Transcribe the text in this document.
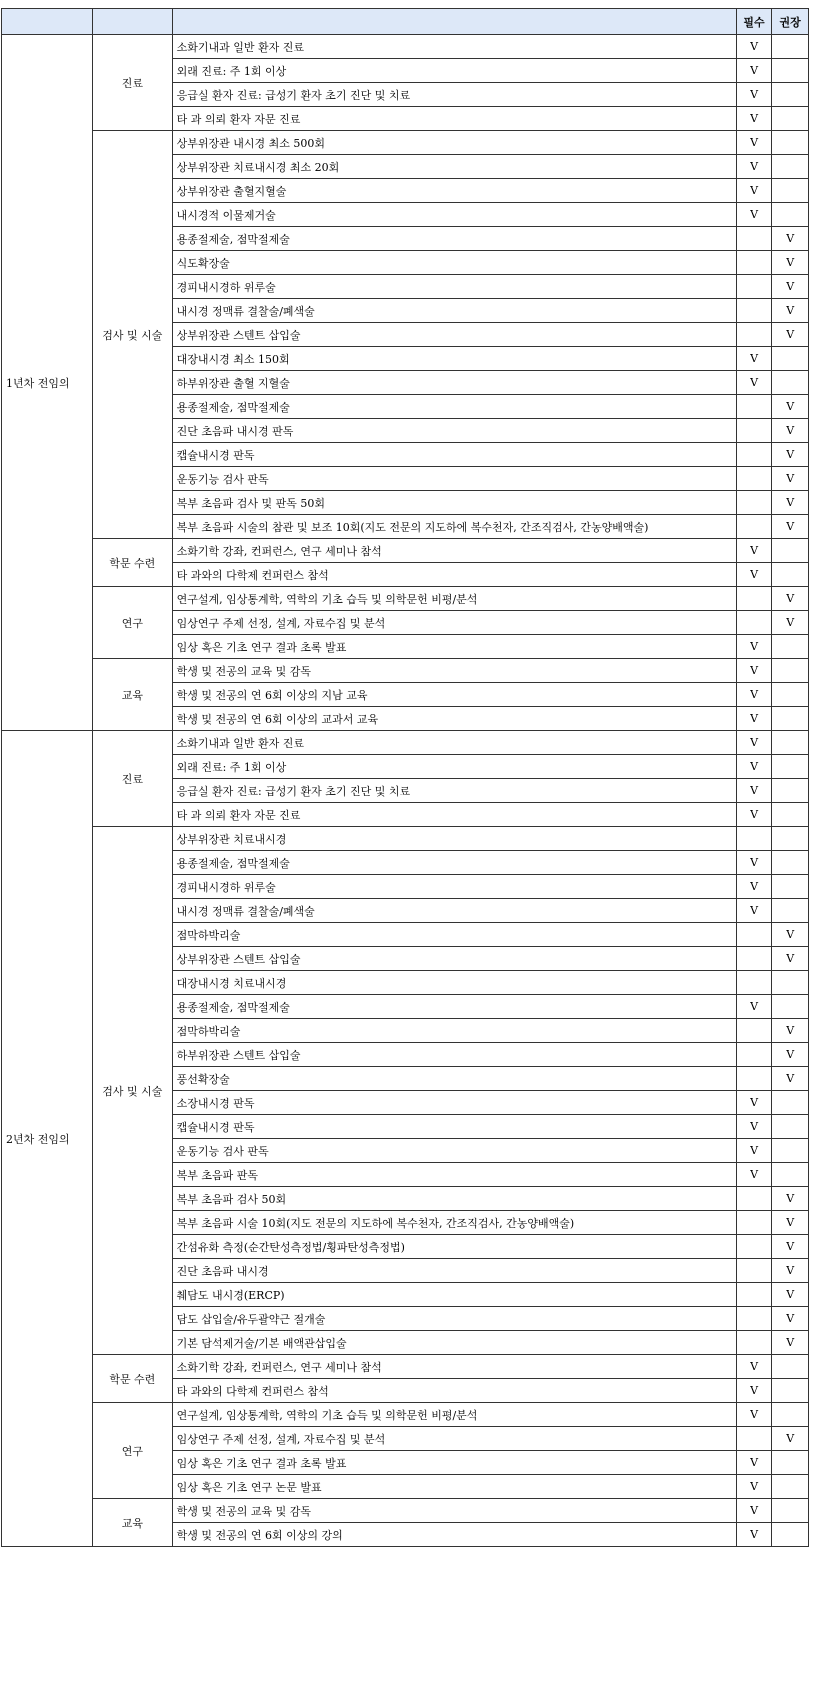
			필수	권장
1년차 전임의	진료	소화기내과 일반 환자 진료	V	
		외래 진료: 주 1회 이상	V	
		응급실 환자 진료: 급성기 환자 초기 진단 및 치료	V	
		타 과 의뢰 환자 자문 진료	V	
	검사 및 시술	상부위장관 내시경 최소 500회	V	
		상부위장관 치료내시경 최소 20회	V	
		상부위장관 출혈지혈술	V	
		내시경적 이물제거술	V	
		용종절제술, 점막절제술		V
		식도확장술		V
		경피내시경하 위루술		V
		내시경 정맥류 결찰술/폐색술		V
		상부위장관 스텐트 삽입술		V
		대장내시경 최소 150회	V	
		하부위장관 출혈 지혈술	V	
		용종절제술, 점막절제술		V
		진단 초음파 내시경 판독		V
		캡슐내시경 판독		V
		운동기능 검사 판독		V
		복부 초음파 검사 및 판독 50회		V
		복부 초음파 시술의 참관 및 보조 10회(지도 전문의 지도하에 복수천자, 간조직검사, 간농양배액술)		V
	학문 수련	소화기학 강좌, 컨퍼런스, 연구 세미나 참석	V	
		타 과와의 다학제 컨퍼런스 참석	V	
	연구	연구설계, 임상통계학, 역학의 기초 습득 및 의학문헌 비평/분석		V
		임상연구 주제 선정, 설계, 자료수집 및 분석		V
		임상 혹은 기초 연구 결과 초록 발표	V	
	교육	학생 및 전공의 교육 및 감독	V	
		학생 및 전공의 연 6회 이상의 지남 교육	V	
		학생 및 전공의 연 6회 이상의 교과서 교육	V	
2년차 전임의	진료	소화기내과 일반 환자 진료	V	
		외래 진료: 주 1회 이상	V	
		응급실 환자 진료: 급성기 환자 초기 진단 및 치료	V	
		타 과 의뢰 환자 자문 진료	V	
	검사 및 시술	상부위장관 치료내시경		
		용종절제술, 점막절제술	V	
		경피내시경하 위루술	V	
		내시경 정맥류 결찰술/폐색술	V	
		점막하박리술		V
		상부위장관 스텐트 삽입술		V
		대장내시경 치료내시경		
		용종절제술, 점막절제술	V	
		점막하박리술		V
		하부위장관 스텐트 삽입술		V
		풍선확장술		V
		소장내시경 판독	V	
		캡슐내시경 판독	V	
		운동기능 검사 판독	V	
		복부 초음파 판독	V	
		복부 초음파 검사 50회		V
		복부 초음파 시술 10회(지도 전문의 지도하에 복수천자, 간조직검사, 간농양배액술)		V
		간섬유화 측정(순간탄성측정법/횡파탄성측정법)		V
		진단 초음파 내시경		V
		췌담도 내시경(ERCP)		V
		담도 삽입술/유두괄약근 절개술		V
		기본 담석제거술/기본 배액관삽입술		V
	학문 수련	소화기학 강좌, 컨퍼런스, 연구 세미나 참석	V	
		타 과와의 다학제 컨퍼런스 참석	V	
	연구	연구설계, 임상통계학, 역학의 기초 습득 및 의학문헌 비평/분석	V	
		임상연구 주제 선정, 설계, 자료수집 및 분석		V
		임상 혹은 기초 연구 결과 초록 발표	V	
		임상 혹은 기초 연구 논문 발표	V	
	교육	학생 및 전공의 교육 및 감독	V	
		학생 및 전공의 연 6회 이상의 강의	V	
